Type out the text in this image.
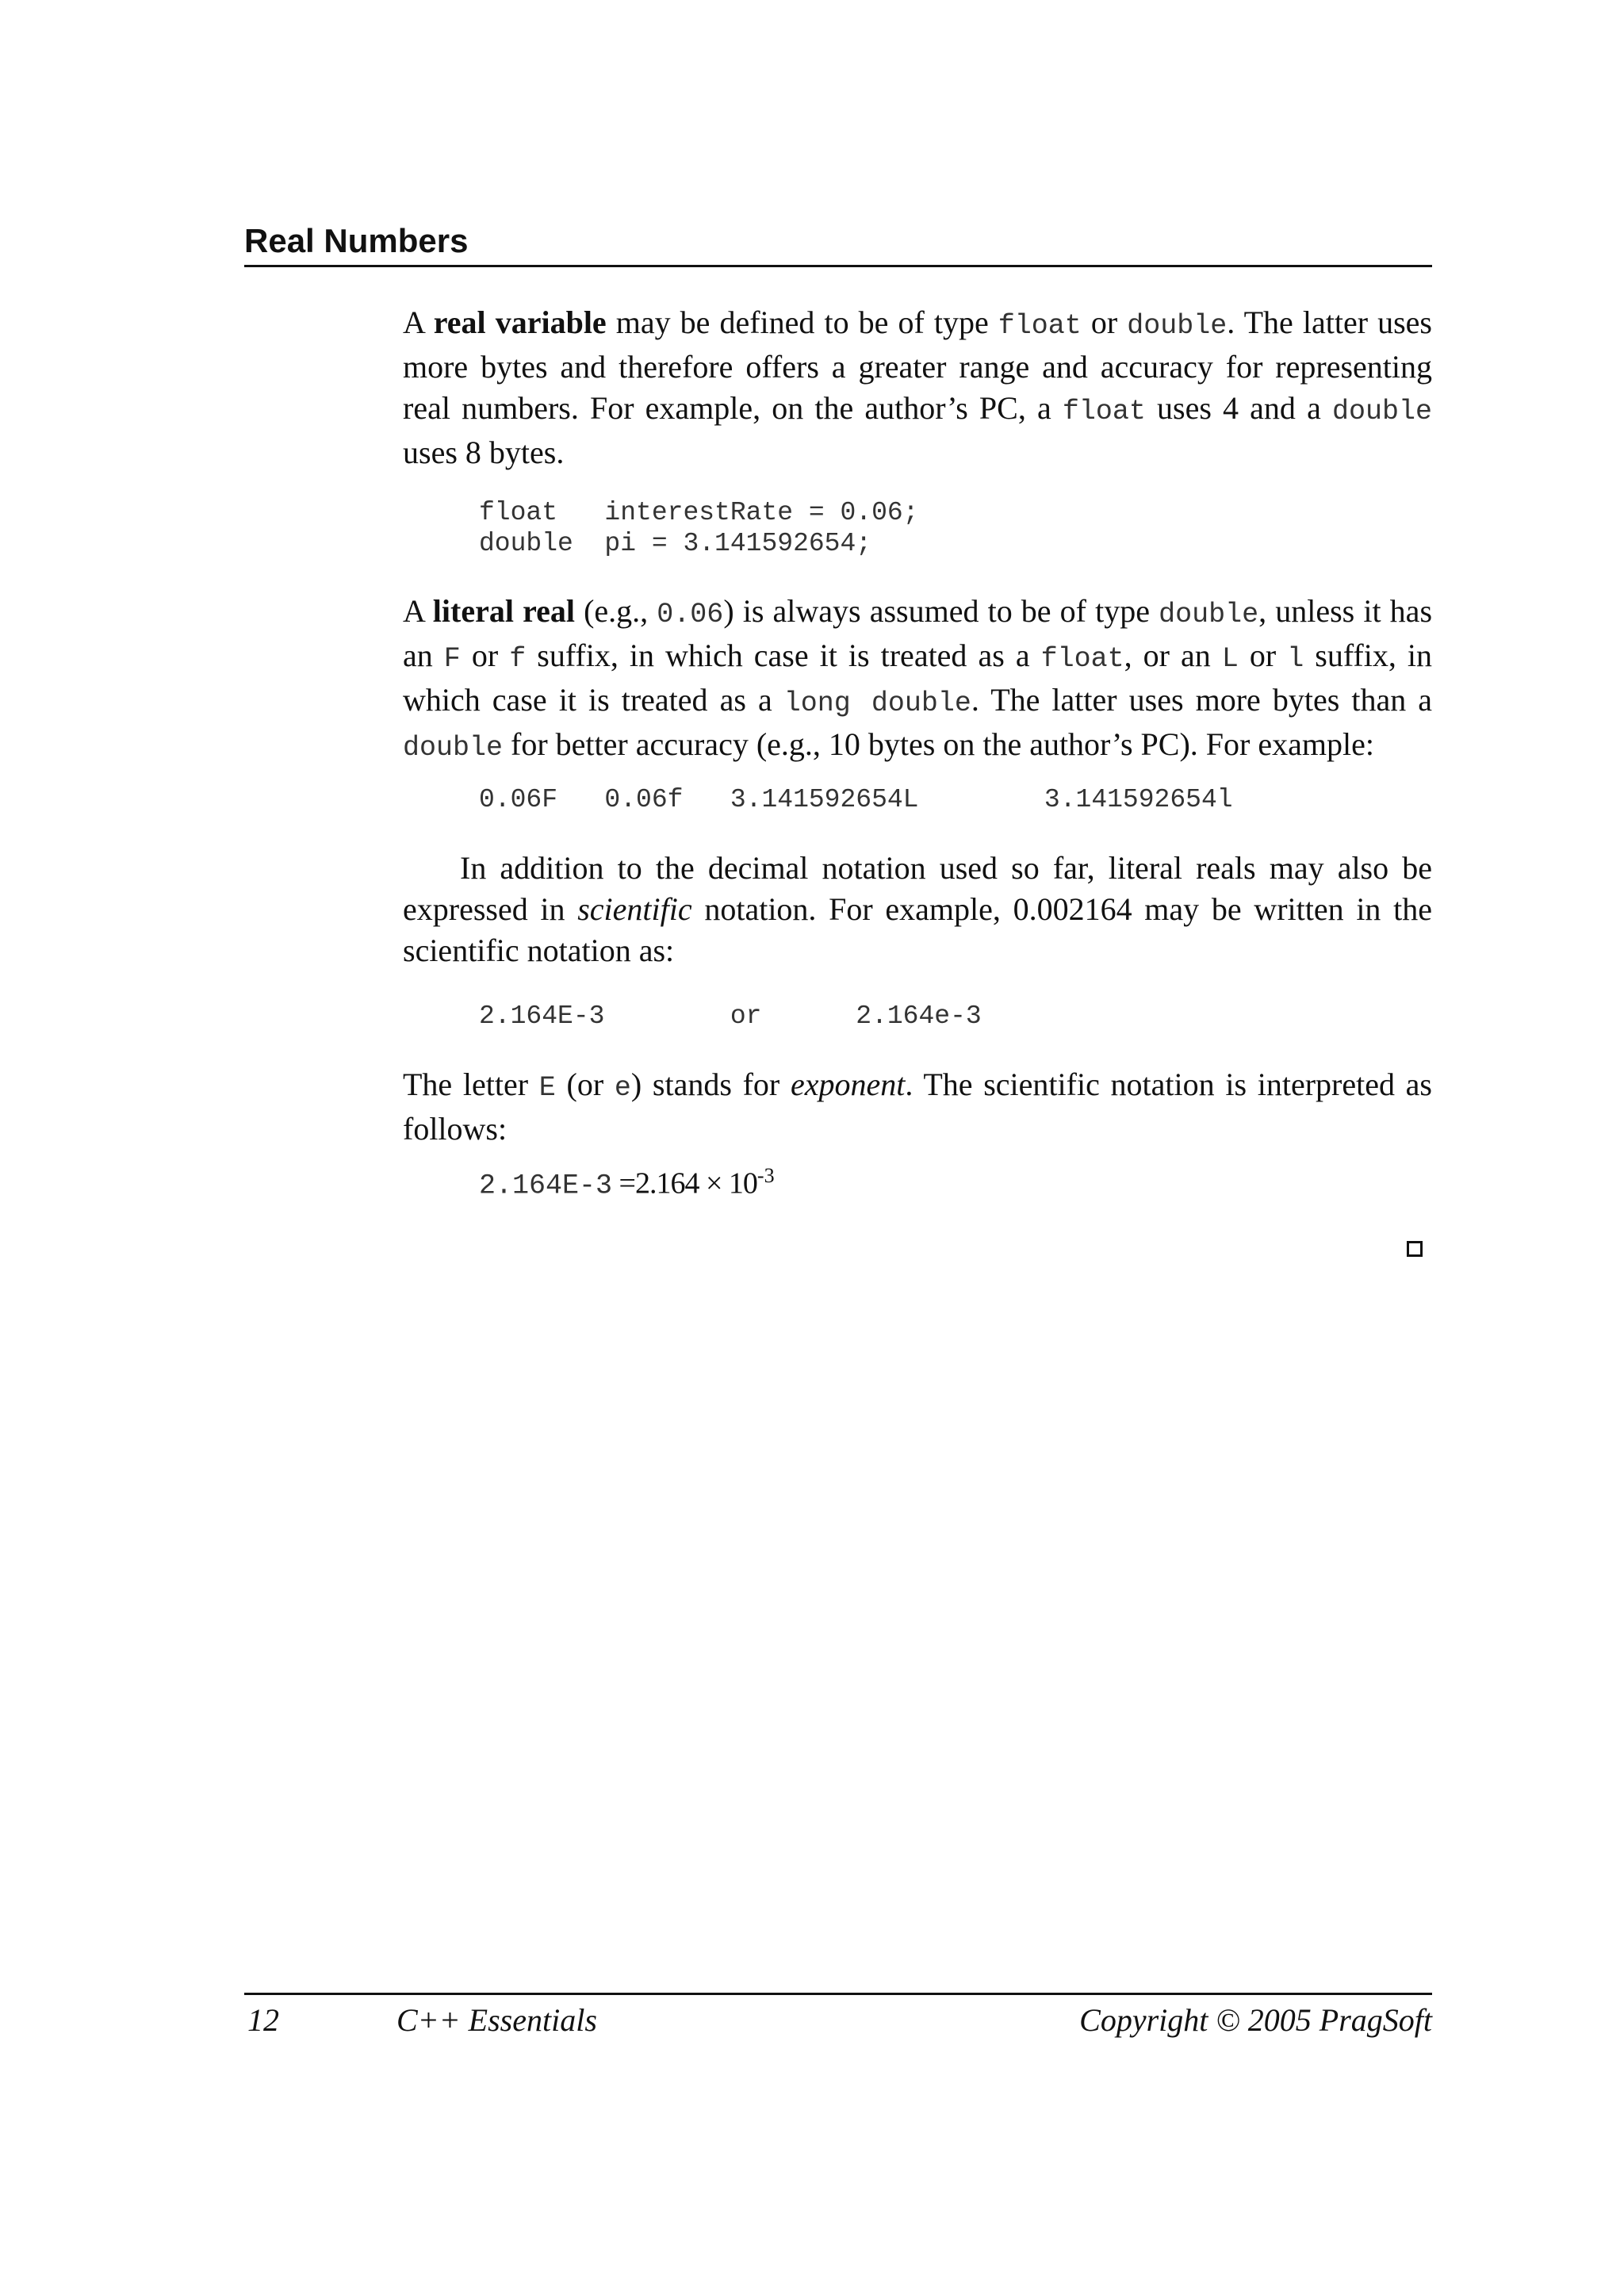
Real Numbers

A real variable may be defined to be of type float or double. The latter uses more bytes and therefore offers a greater range and accuracy for representing real numbers. For example, on the author’s PC, a float uses 4 and a double uses 8 bytes.

float   interestRate = 0.06;
double  pi = 3.141592654;

A literal real (e.g., 0.06) is always assumed to be of type double, unless it has an F or f suffix, in which case it is treated as a float, or an L or l suffix, in which case it is treated as a long double. The latter uses more bytes than a double for better accuracy (e.g., 10 bytes on the author’s PC). For example:

0.06F   0.06f   3.141592654L        3.141592654l

In addition to the decimal notation used so far, literal reals may also be expressed in scientific notation. For example, 0.002164 may be written in the scientific notation as:

2.164E-3        or      2.164e-3

The letter E (or e) stands for exponent. The scientific notation is interpreted as follows:

$2.164E-3 =2.164 \times 10^{-3}$
12	C++ Essentials	Copyright © 2005 PragSoft
